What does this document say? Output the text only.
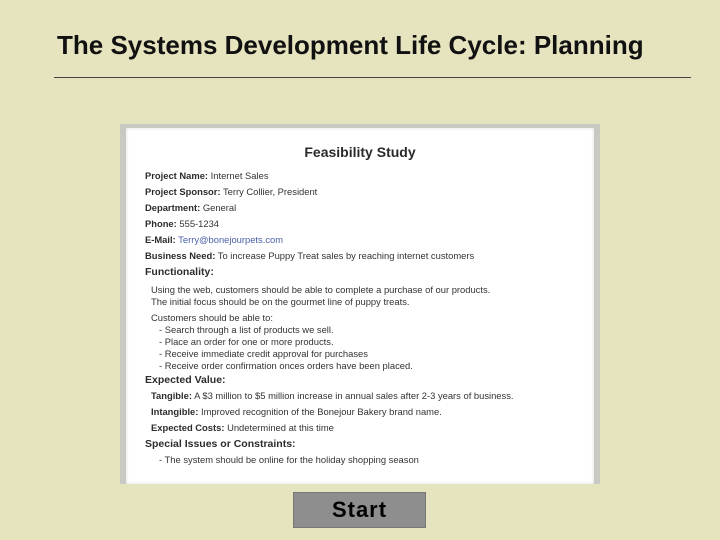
The Systems Development Life Cycle: Planning
Feasibility Study
Project Name: Internet Sales
Project Sponsor: Terry Collier, President
Department: General
Phone: 555-1234
E-Mail: Terry@bonejourpets.com
Business Need: To increase Puppy Treat sales by reaching internet customers
Functionality:
Using the web, customers should be able to complete a purchase of our products.
The initial focus should be on the gourmet line of puppy treats.
Customers should be able to:
- Search through a list of products we sell.
- Place an order for one or more products.
- Receive immediate credit approval for purchases
- Receive order confirmation onces orders have been placed.
Expected Value:
Tangible: A $3 million to $5 million increase in annual sales after 2-3 years of business.
Intangible: Improved recognition of the Bonejour Bakery brand name.
Expected Costs: Undetermined at this time
Special Issues or Constraints:
- The system should be online for the holiday shopping season
Start
